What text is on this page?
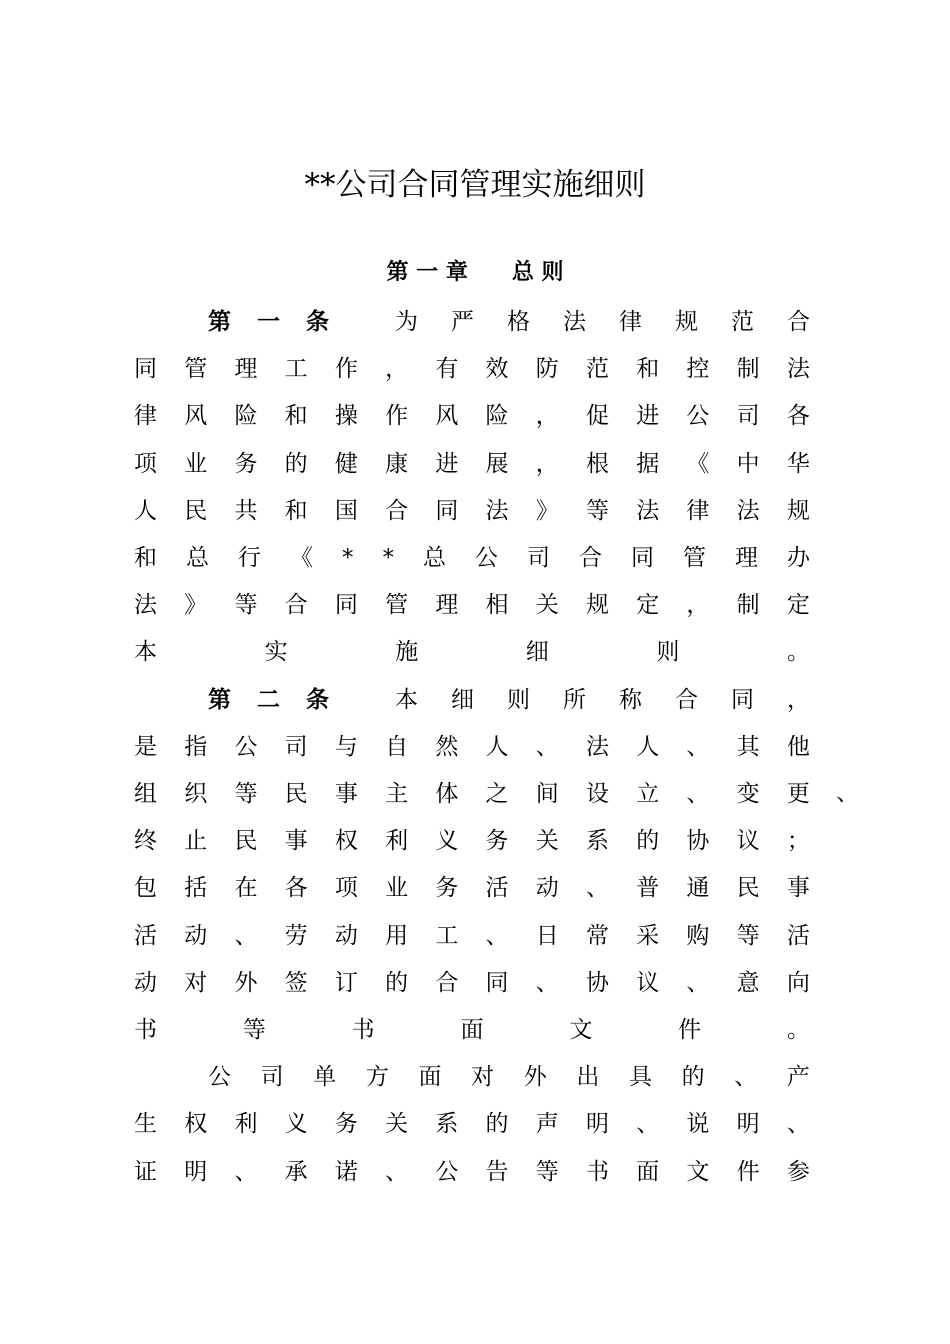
**公司合同管理实施细则
第 一 章　　总 则
第一条 为 严 格 法 律 规 范 合
同 管 理 工 作 ， 有 效 防 范 和 控 制 法
律 风 险 和 操 作 风 险 ， 促 进 公 司 各
项 业 务 的 健 康 进 展 ， 根 据 《 中 华
人 民 共 和 国 合 同 法 》 等 法 律 法 规
和 总 行 《 * * 总 公 司 合 同 管 理 办
法 》 等 合 同 管 理 相 关 规 定 ， 制 定
本	实	施	细	则	。
第二条 本 细 则 所 称 合 同 ，
是 指 公 司 与 自 然 人 、 法 人 、 其 他
组 织 等 民 事 主 体 之 间 设 立 、 变 更
终 止 民 事 权 利 义 务 关 系 的 协 议 ；
包 括 在 各 项 业 务 活 动 、 普 通 民 事
活 动 、 劳 动 用 工 、 日 常 采 购 等 活
动 对 外 签 订 的 合 同 、 协 议 、 意 向
书	等	书	面	文	件	。
公 司 单 方 面 对 外 出 具 的 、 产
生 权 利 义 务 关 系 的 声 明 、 说 明 、
证 明 、 承 诺 、 公 告 等 书 面 文 件 参
、
